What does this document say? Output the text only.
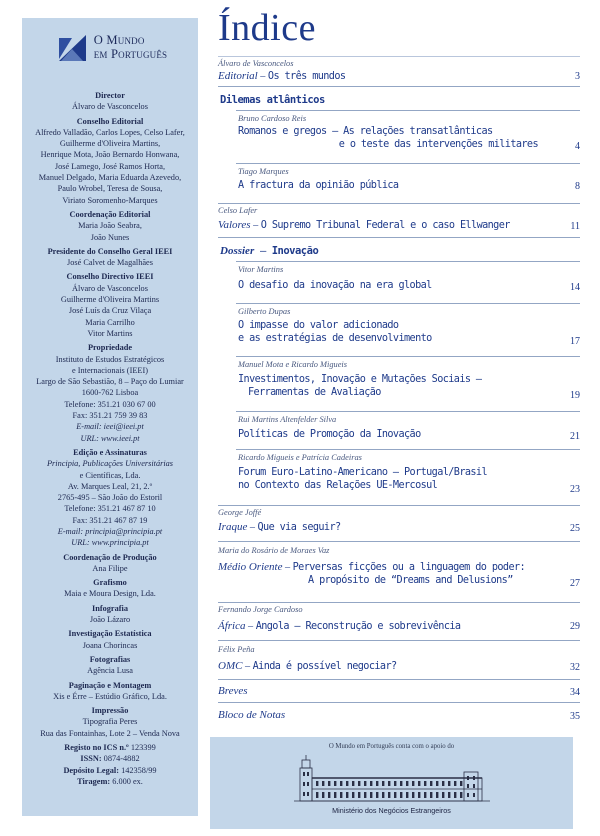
O Mundo
em Português
Director
Álvaro de Vasconcelos
Conselho Editorial
Alfredo Valladão, Carlos Lopes, Celso Lafer,
Guilherme d'Oliveira Martins,
Henrique Mota, João Bernardo Honwana,
José Lamego, José Ramos Horta,
Manuel Delgado, Maria Eduarda Azevedo,
Paulo Wrobel, Teresa de Sousa,
Viriato Soromenho-Marques
Coordenação Editorial
Maria João Seabra,
João Nunes
Presidente do Conselho Geral IEEI
José Calvet de Magalhães
Conselho Directivo IEEI
Álvaro de Vasconcelos
Guilherme d'Oliveira Martins
José Luís da Cruz Vilaça
Maria Carrilho
Vitor Martins
Propriedade
Instituto de Estudos Estratégicos
e Internacionais (IEEI)
Largo de São Sebastião, 8 – Paço do Lumiar
1600-762 Lisboa
Telefone: 351.21 030 67 00
Fax: 351.21 759 39 83
E-mail: ieei@ieei.pt
URL: www.ieei.pt
Edição e Assinaturas
Principia, Publicações Universitárias
e Científicas, Lda.
Av. Marques Leal, 21, 2.º
2765-495 – São João do Estoril
Telefone: 351.21 467 87 10
Fax: 351.21 467 87 19
E-mail: principia@principia.pt
URL: www.principia.pt
Coordenação de Produção
Ana Filipe
Grafismo
Maia e Moura Design, Lda.
Infografia
João Lázaro
Investigação Estatística
Joana Chorincas
Fotografias
Agência Lusa
Paginação e Montagem
Xis e Érre – Estúdio Gráfico, Lda.
Impressão
Tipografia Peres
Rua das Fontainhas, Lote 2 – Venda Nova
Registo no ICS n.º 123399
ISSN: 0874-4882
Depósito Legal: 142358/99
Tiragem: 6.000 ex.
Índice
Álvaro de Vasconcelos
Editorial – Os três mundos	3
Dilemas atlânticos
Bruno Cardoso Reis
Romanos e gregos – As relações transatlânticas
e o teste das intervenções militares	4
Tiago Marques
A fractura da opinião pública	8
Celso Lafer
Valores – O Supremo Tribunal Federal e o caso Ellwanger	11
Dossier – Inovação
Vitor Martins
O desafio da inovação na era global	14
Gilberto Dupas
O impasse do valor adicionado
e as estratégias de desenvolvimento	17
Manuel Mota e Ricardo Migueis
Investimentos, Inovação e Mutações Sociais –
Ferramentas de Avaliação	19
Rui Martins Altenfelder Silva
Políticas de Promoção da Inovação	21
Ricardo Migueis e Patrícia Cadeiras
Forum Euro-Latino-Americano – Portugal/Brasil
no Contexto das Relações UE-Mercosul	23
George Joffé
Iraque – Que via seguir?	25
Maria do Rosário de Moraes Vaz
Médio Oriente – Perversas ficções ou a linguagem do poder:
A propósito de “Dreams and Delusions”	27
Fernando Jorge Cardoso
África – Angola – Reconstrução e sobrevivência	29
Félix Peña
OMC – Ainda é possível negociar?	32
Breves	34
Bloco de Notas	35
O Mundo em Português conta com o apoio do
Ministério dos Negócios Estrangeiros
